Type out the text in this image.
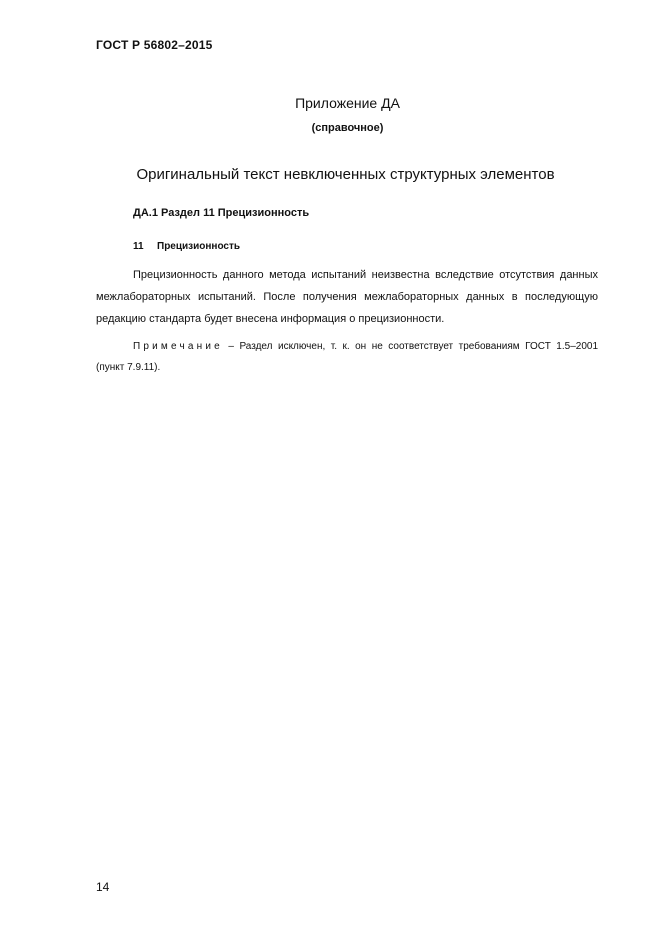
ГОСТ Р 56802–2015
Приложение ДА
(справочное)
Оригинальный текст невключенных структурных элементов
ДА.1 Раздел 11 Прецизионность
11 Прецизионность

Прецизионность данного метода испытаний неизвестна вследствие отсутствия данных межлабораторных испытаний. После получения межлабораторных данных в последующую редакцию стандарта будет внесена информация о прецизионности.

Примечание – Раздел исключен, т. к. он не соответствует требованиям ГОСТ 1.5–2001 (пункт 7.9.11).

14
